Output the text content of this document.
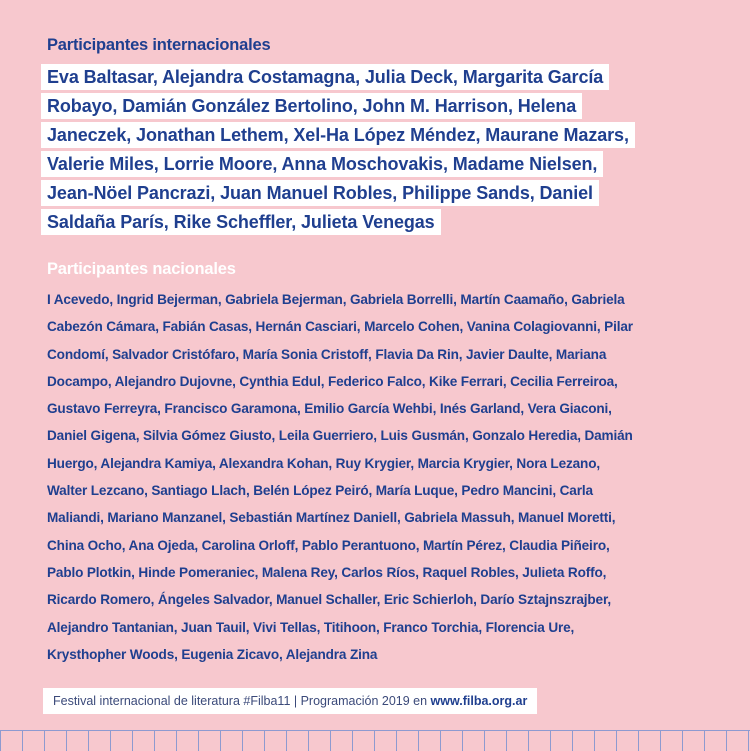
Participantes internacionales
Eva Baltasar, Alejandra Costamagna, Julia Deck, Margarita García
Robayo, Damián González Bertolino, John M. Harrison, Helena
Janeczek, Jonathan Lethem, Xel-Ha López Méndez, Maurane Mazars,
Valerie Miles, Lorrie Moore, Anna Moschovakis, Madame Nielsen,
Jean-Nöel Pancrazi, Juan Manuel Robles, Philippe Sands, Daniel
Saldaña París, Rike Scheffler, Julieta Venegas
Participantes nacionales
I Acevedo, Ingrid Bejerman, Gabriela Bejerman, Gabriela Borrelli, Martín Caamaño, Gabriela
Cabezón Cámara, Fabián Casas, Hernán Casciari, Marcelo Cohen, Vanina Colagiovanni, Pilar
Condomí, Salvador Cristófaro, María Sonia Cristoff, Flavia Da Rin, Javier Daulte, Mariana
Docampo, Alejandro Dujovne, Cynthia Edul, Federico Falco, Kike Ferrari, Cecilia Ferreiroa,
Gustavo Ferreyra, Francisco Garamona, Emilio García Wehbi, Inés Garland, Vera Giaconi,
Daniel Gigena, Silvia Gómez Giusto, Leila Guerriero, Luis Gusmán, Gonzalo Heredia, Damián
Huergo, Alejandra Kamiya, Alexandra Kohan, Ruy Krygier, Marcia Krygier, Nora Lezano,
Walter Lezcano, Santiago Llach, Belén López Peiró, María Luque, Pedro Mancini, Carla
Maliandi, Mariano Manzanel, Sebastián Martínez Daniell, Gabriela Massuh, Manuel Moretti,
China Ocho, Ana Ojeda, Carolina Orloff, Pablo Perantuono, Martín Pérez, Claudia Piñeiro,
Pablo Plotkin, Hinde Pomeraniec, Malena Rey, Carlos Ríos, Raquel Robles, Julieta Roffo,
Ricardo Romero, Ángeles Salvador, Manuel Schaller, Eric Schierloh, Darío Sztajnszrajber,
Alejandro Tantanian, Juan Tauil, Vivi Tellas, Titihoon, Franco Torchia, Florencia Ure,
Krysthopher Woods, Eugenia Zicavo, Alejandra Zina
Festival internacional de literatura #Filba11 | Programación 2019 en www.filba.org.ar
